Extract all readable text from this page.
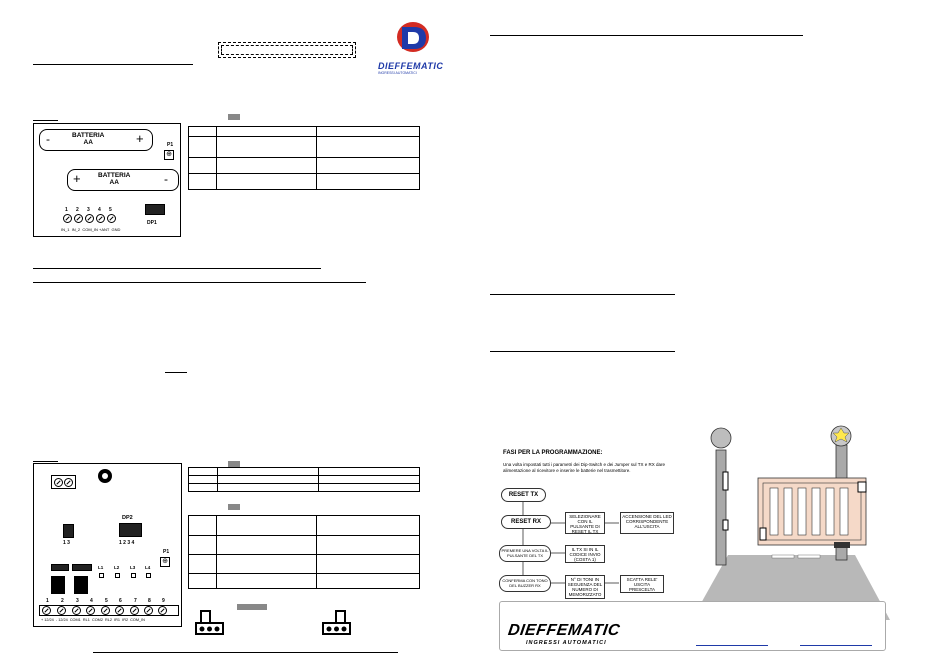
DIEFFEMATIC
INGRESSI AUTOMATICI
-	BATTERIA
AA	+	P1
⊕
+	BATTERIA
AA	-
1 2 3 4 5
IN_1  IN_2  COM_IN +ANT  GND
DP1

1 3
DP2
1 2 3 4
P1
⊕
L1 L2 L3 L4
1 2 3 4 5 6 7 8 9
+ 12/24  - 12/24  COM1  RL1  COM2  RL2  IR1  IR2  COM_IN

FASI PER LA PROGRAMMAZIONE:
Una volta impostati tutti i parametri dei Dip-Switch e dei Jumper sul TX e RX dare alimentazione al ricevitore e inserire le batterie nel trasmettitore.
RESET TX
RESET RX
PREMERE UNA VOLTA IL PULSANTE DEL TX
CONFERMA CON TONO DEL BUZZER RX
SELEZIONARE CON IL PULSANTE DI RESET IL TX
ACCENSIONE DEL LED CORRISPONDENTE ALL'USCITA
IL TX SI IN IL CODICE INVIO (COSTA 1)
N° DI TONI IN SEGUENZA DEL NUMERO DI MEMORIZZATO
SCATTA RELE' USCITA PRESCELTA
DIEFFEMATIC
INGRESSI AUTOMATICI
